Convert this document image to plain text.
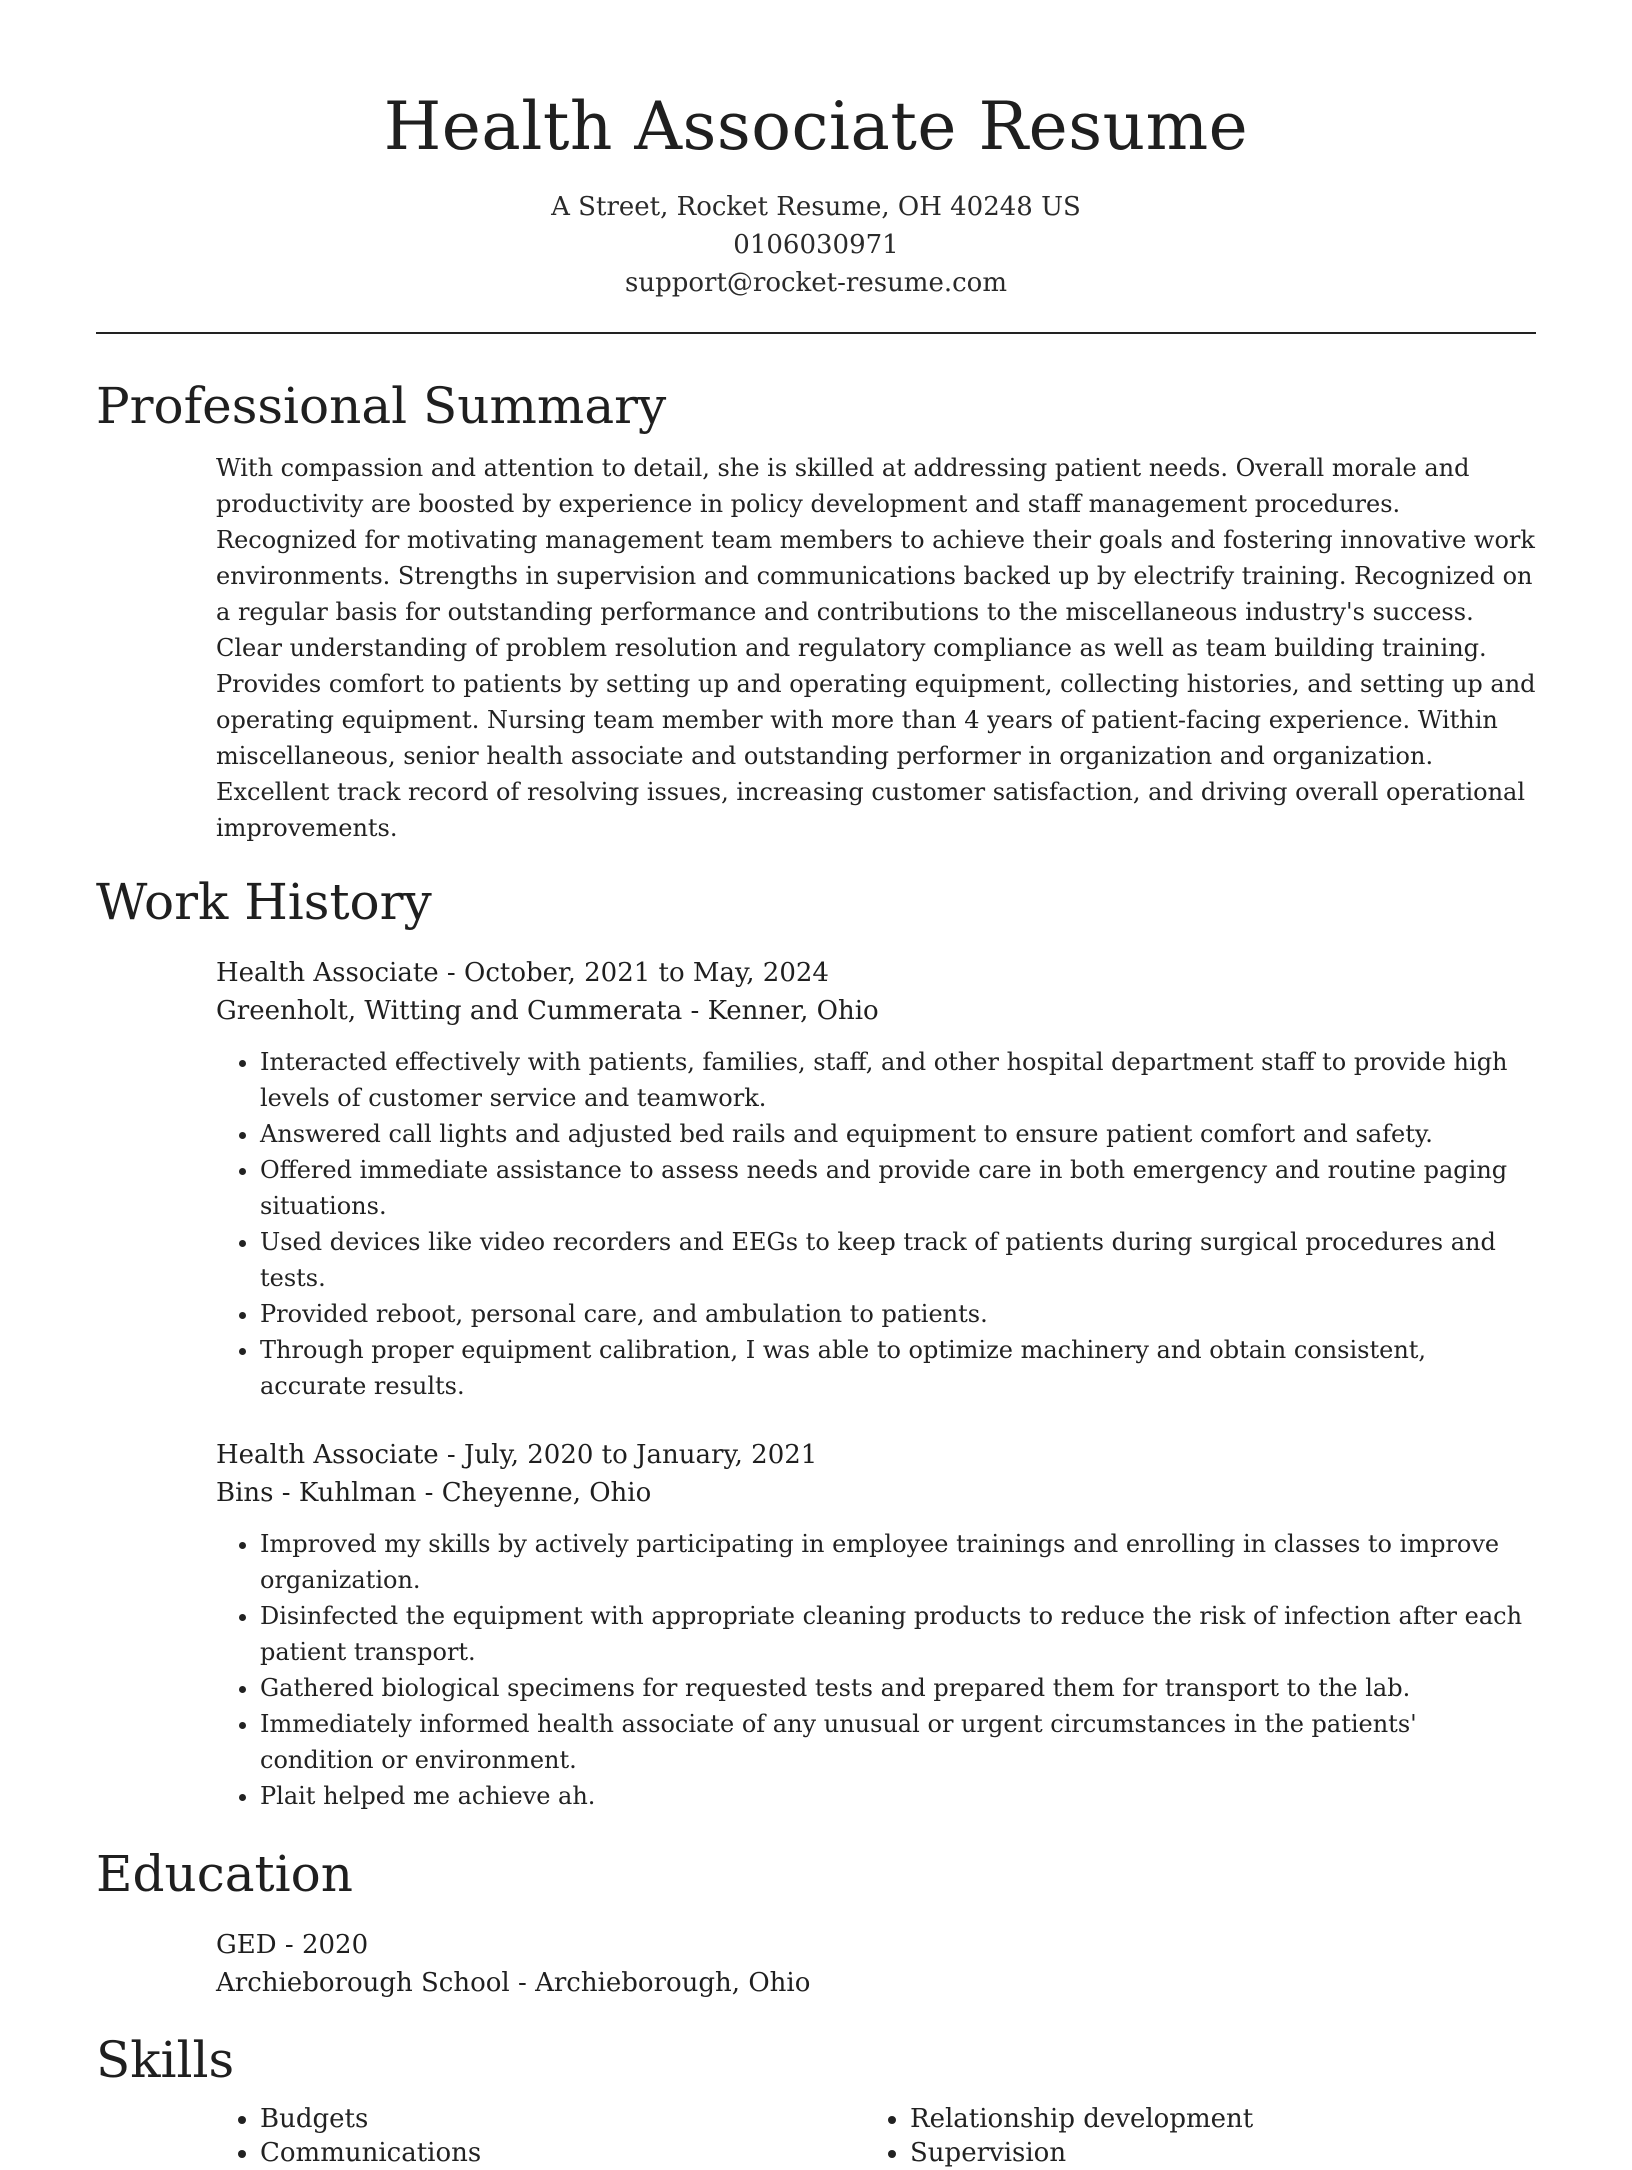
Health Associate Resume
A Street, Rocket Resume, OH 40248 US
0106030971
support@rocket-resume.com
Professional Summary
With compassion and attention to detail, she is skilled at addressing patient needs. Overall morale and productivity are boosted by experience in policy development and staff management procedures. Recognized for motivating management team members to achieve their goals and fostering innovative work environments. Strengths in supervision and communications backed up by electrify training. Recognized on a regular basis for outstanding performance and contributions to the miscellaneous industry's success. Clear understanding of problem resolution and regulatory compliance as well as team building training. Provides comfort to patients by setting up and operating equipment, collecting histories, and setting up and operating equipment. Nursing team member with more than 4 years of patient-facing experience. Within miscellaneous, senior health associate and outstanding performer in organization and organization. Excellent track record of resolving issues, increasing customer satisfaction, and driving overall operational improvements.
Work History
Health Associate - October, 2021 to May, 2024
Greenholt, Witting and Cummerata - Kenner, Ohio
• Interacted effectively with patients, families, staff, and other hospital department staff to provide high levels of customer service and teamwork.
• Answered call lights and adjusted bed rails and equipment to ensure patient comfort and safety.
• Offered immediate assistance to assess needs and provide care in both emergency and routine paging situations.
• Used devices like video recorders and EEGs to keep track of patients during surgical procedures and tests.
• Provided reboot, personal care, and ambulation to patients.
• Through proper equipment calibration, I was able to optimize machinery and obtain consistent, accurate results.
Health Associate - July, 2020 to January, 2021
Bins - Kuhlman - Cheyenne, Ohio
• Improved my skills by actively participating in employee trainings and enrolling in classes to improve organization.
• Disinfected the equipment with appropriate cleaning products to reduce the risk of infection after each patient transport.
• Gathered biological specimens for requested tests and prepared them for transport to the lab.
• Immediately informed health associate of any unusual or urgent circumstances in the patients' condition or environment.
• Plait helped me achieve ah.
Education
GED - 2020
Archieborough School - Archieborough, Ohio
Skills
• Budgets
• Communications
• Relationship development
• Supervision
